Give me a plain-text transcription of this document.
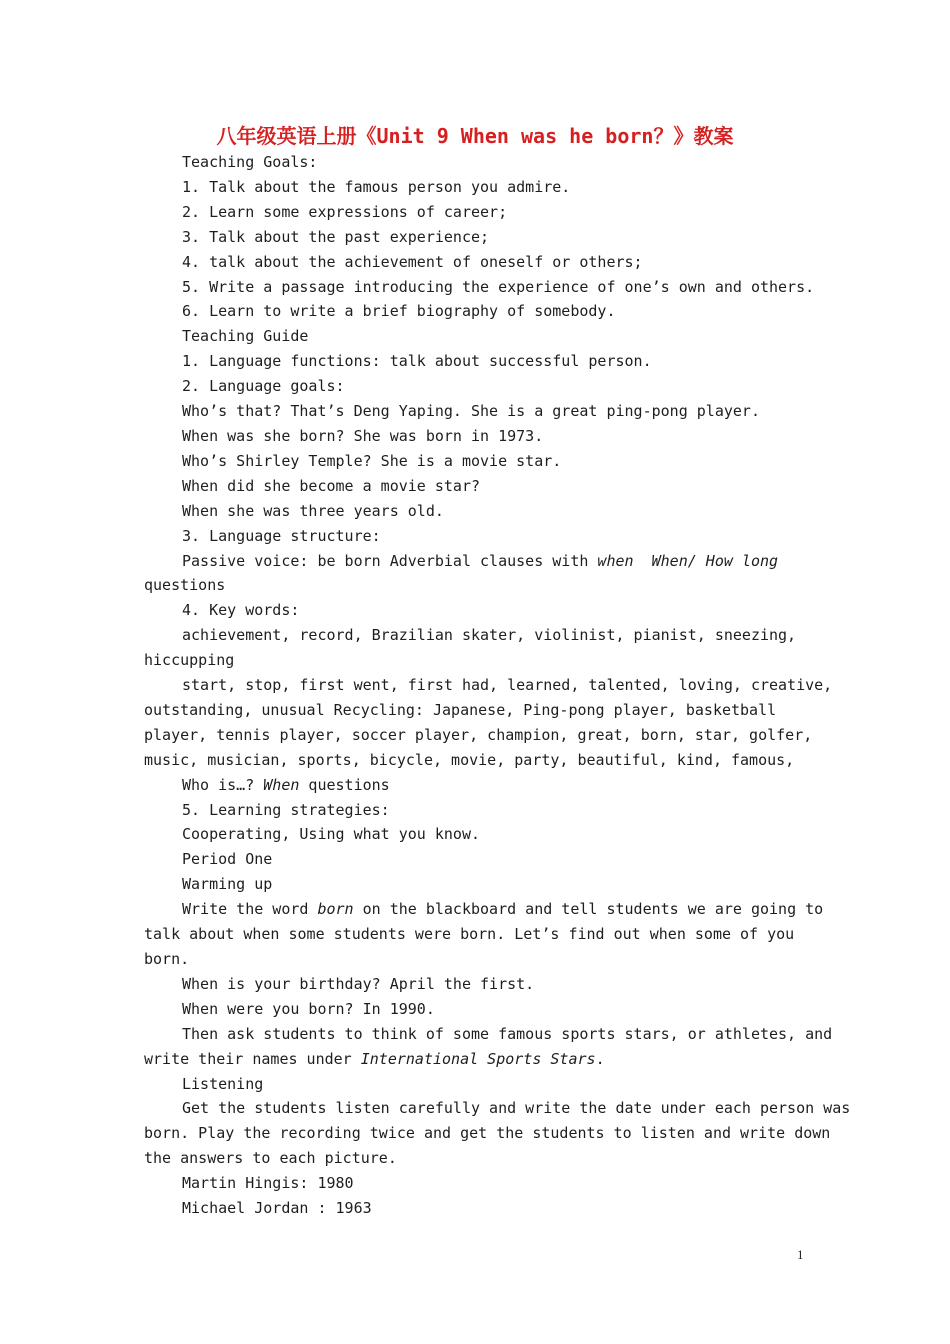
八年级英语上册《Unit 9 When was he born？》教案

Teaching Goals:

1. Talk about the famous person you admire.

2. Learn some expressions of career;

3. Talk about the past experience;

4. talk about the achievement of oneself or others;

5. Write a passage introducing the experience of one’s own and others.

6. Learn to write a brief biography of somebody.

Teaching Guide

1. Language functions: talk about successful person.

2. Language goals:

Who’s that? That’s Deng Yaping. She is a great ping-pong player.

When was she born? She was born in 1973.

Who’s Shirley Temple? She is a movie star.

When did she become a movie star?

When she was three years old.

3. Language structure:

Passive voice: be born Adverbial clauses with when When/ How long

questions

4. Key words:

achievement, record, Brazilian skater, violinist, pianist, sneezing,

hiccupping

start, stop, first went, first had, learned, talented, loving, creative,

outstanding, unusual Recycling: Japanese, Ping-pong player, basketball

player, tennis player, soccer player, champion, great, born, star, golfer,

music, musician, sports, bicycle, movie, party, beautiful, kind, famous,

Who is…? When questions

5. Learning strategies:

Cooperating, Using what you know.

Period One

Warming up

Write the word born on the blackboard and tell students we are going to

talk about when some students were born. Let’s find out when some of you

born.

When is your birthday? April the first.

When were you born? In 1990.

Then ask students to think of some famous sports stars, or athletes, and

write their names under International Sports Stars.

Listening

Get the students listen carefully and write the date under each person was

born. Play the recording twice and get the students to listen and write down

the answers to each picture.

Martin Hingis: 1980

Michael Jordan : 1963

1
